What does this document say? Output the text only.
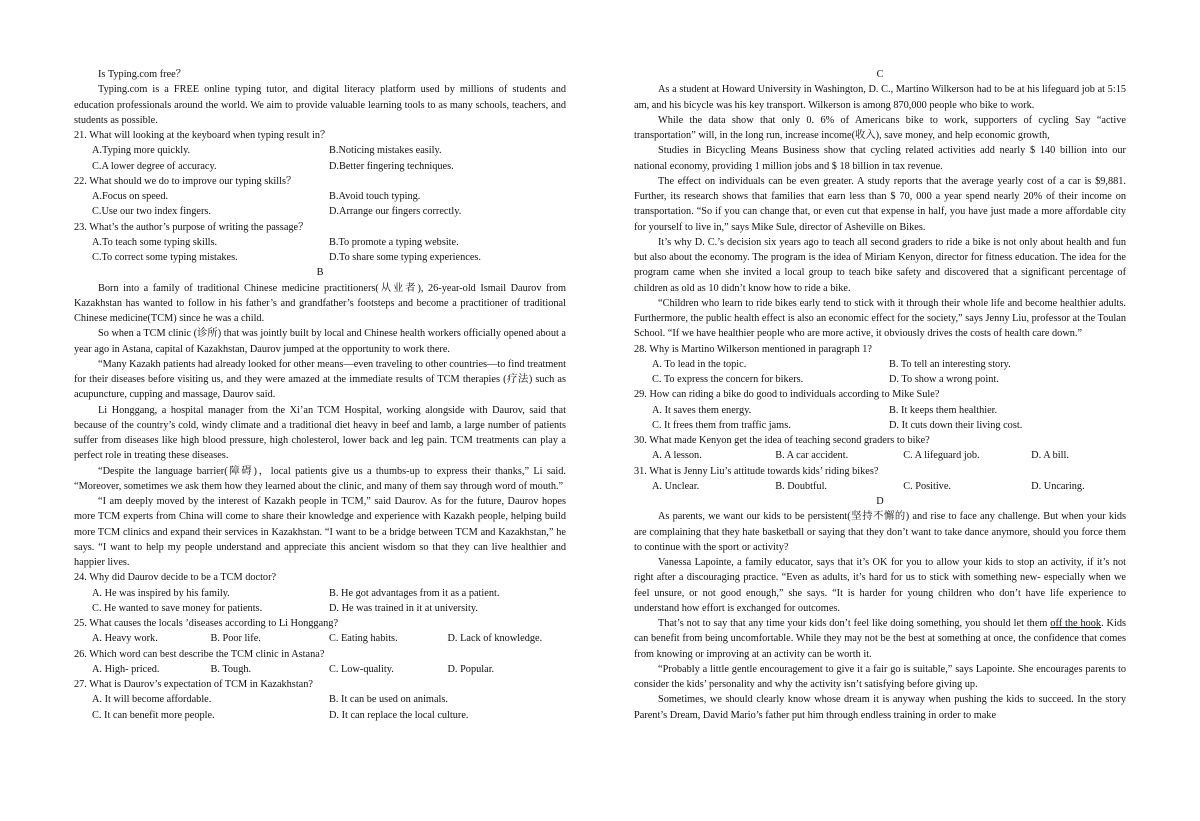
Is Typing.com free？

Typing.com is a FREE online typing tutor, and digital literacy platform used by millions of students and education professionals around the world. We aim to provide valuable learning tools to as many schools, teachers, and students as possible.

21. What will looking at the keyboard when typing result in？

A.Typing more quickly.	B.Noticing mistakes easily.
C.A lower degree of accuracy.	D.Better fingering techniques.

22. What should we do to improve our typing skills？

A.Focus on speed.	B.Avoid touch typing.
C.Use our two index fingers.	D.Arrange our fingers correctly.

23. What’s the author’s purpose of writing the passage？

A.To teach some typing skills.	B.To promote a typing website.
C.To correct some typing mistakes.	D.To share some typing experiences.

B

Born into a family of traditional Chinese medicine practitioners(从业者), 26-year-old Ismail Daurov from Kazakhstan has wanted to follow in his father’s and grandfather’s footsteps and become a practitioner of traditional Chinese medicine(TCM) since he was a child.

So when a TCM clinic (诊所) that was jointly built by local and Chinese health workers officially opened about a year ago in Astana, capital of Kazakhstan, Daurov jumped at the opportunity to work there.

“Many Kazakh patients had already looked for other means—even traveling to other countries—to find treatment for their diseases before visiting us, and they were amazed at the immediate results of TCM therapies (疗法) such as acupuncture, cupping and massage, Daurov said.

Li Honggang, a hospital manager from the Xi’an TCM Hospital, working alongside with Daurov, said that because of the country’s cold, windy climate and a traditional diet heavy in beef and lamb, a large number of patients suffer from diseases like high blood pressure, high cholesterol, lower back and leg pain. TCM treatments can play a perfect role in treating these diseases.

“Despite the language barrier(障碍)，local patients give us a thumbs-up to express their thanks,” Li said. “Moreover, sometimes we ask them how they learned about the clinic, and many of them say through word of mouth.”

“I am deeply moved by the interest of Kazakh people in TCM,” said Daurov. As for the future, Daurov hopes more TCM experts from China will come to share their knowledge and experience with Kazakh people, helping build more TCM clinics and expand their services in Kazakhstan. “I want to be a bridge between TCM and Kazakhstan,” he says. “I want to help my people understand and appreciate this ancient wisdom so that they can live healthier and happier lives.

24. Why did Daurov decide to be a TCM doctor?

A. He was inspired by his family.	B. He got advantages from it as a patient.
C. He wanted to save money for patients.	D. He was trained in it at university.

25. What causes the locals ’diseases according to Li Honggang?

A. Heavy work.	B. Poor life.	C. Eating habits.	D. Lack of knowledge.

26. Which word can best describe the TCM clinic in Astana?

A. High- priced.	B. Tough.	C. Low-quality.	D. Popular.

27. What is Daurov’s expectation of TCM in Kazakhstan?

A. It will become affordable.	B. It can be used on animals.
C. It can benefit more people.	D. It can replace the local culture.

C

As a student at Howard University in Washington, D. C., Martino Wilkerson had to be at his lifeguard job at 5:15 am, and his bicycle was his key transport. Wilkerson is among 870,000 people who bike to work.

While the data show that only 0. 6% of Americans bike to work, supporters of cycling Say “active transportation” will, in the long run, increase income(收入), save money, and help economic growth,

Studies in Bicycling Means Business show that cycling related activities add nearly $ 140 billion into our national economy, providing 1 million jobs and $ 18 billion in tax revenue.

The effect on individuals can be even greater. A study reports that the average yearly cost of a car is $9,881. Further, its research shows that families that earn less than $ 70, 000 a year spend nearly 20% of their income on transportation. “So if you can change that, or even cut that expense in half, you have just made a more affordable city for yourself to live in,” says Mike Sule, director of Asheville on Bikes.

It’s why D. C.’s decision six years ago to teach all second graders to ride a bike is not only about health and fun but also about the economy. The program is the idea of Miriam Kenyon, director for fitness education. The idea for the program came when she invited a local group to teach bike safety and discovered that a significant percentage of children as old as 10 didn’t know how to ride a bike.

“Children who learn to ride bikes early tend to stick with it through their whole life and become healthier adults. Furthermore, the public health effect is also an economic effect for the society,” says Jenny Liu, professor at the Toulan School. “If we have healthier people who are more active, it obviously drives the costs of health care down.”

28. Why is Martino Wilkerson mentioned in paragraph 1?

A. To lead in the topic.	B. To tell an interesting story.
C. To express the concern for bikers.	D. To show a wrong point.

29. How can riding a bike do good to individuals according to Mike Sule?

A. It saves them energy.	B. It keeps them healthier.
C. It frees them from traffic jams.	D. It cuts down their living cost.

30. What made Kenyon get the idea of teaching second graders to bike?

A. A lesson.	B. A car accident.	C. A lifeguard job.	D. A bill.

31. What is Jenny Liu’s attitude towards kids’ riding bikes?

A. Unclear.	B. Doubtful.	C. Positive.	D. Uncaring.

D

As parents, we want our kids to be persistent(坚持不懈的) and rise to face any challenge. But when your kids are complaining that they hate basketball or saying that they don’t want to take dance anymore, should you force them to continue with the sport or activity?

Vanessa Lapointe, a family educator, says that it’s OK for you to allow your kids to stop an activity, if it’s not right after a discouraging practice. “Even as adults, it’s hard for us to stick with something new- especially when we feel unsure, or not good enough,” she says. “It is harder for young children who don’t have life experience to understand how effort is exchanged for outcomes.

That’s not to say that any time your kids don’t feel like doing something, you should let them off the hook. Kids can benefit from being uncomfortable. While they may not be the best at something at once, the confidence that comes from knowing or improving at an activity can be worth it.

“Probably a little gentle encouragement to give it a fair go is suitable,” says Lapointe. She encourages parents to consider the kids’ personality and why the activity isn’t satisfying before giving up.

Sometimes, we should clearly know whose dream it is anyway when pushing the kids to succeed. In the story Parent’s Dream, David Mario’s father put him through endless training in order to make
